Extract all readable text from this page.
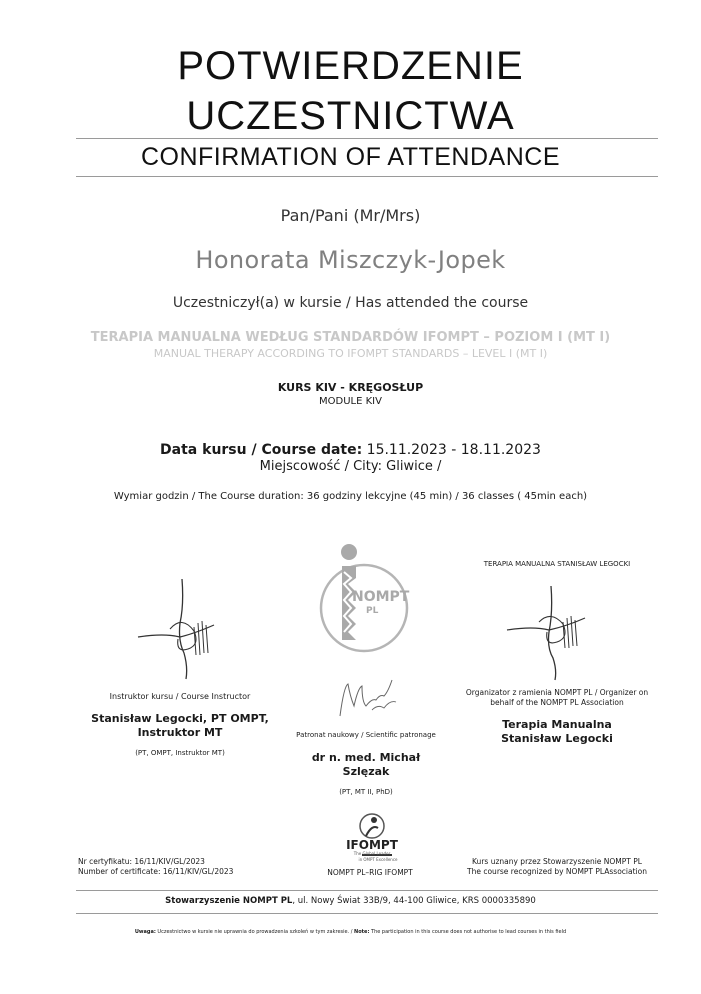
POTWIERDZENIE
UCZESTNICTWA
CONFIRMATION OF ATTENDANCE
Pan/Pani (Mr/Mrs)
Honorata Miszczyk-Jopek
Uczestniczył(a) w kursie / Has attended the course
TERAPIA MANUALNA WEDŁUG STANDARDÓW IFOMPT – POZIOM I (MT I)
MANUAL THERAPY ACCORDING TO IFOMPT STANDARDS – LEVEL I (MT I)
KURS KIV - KRĘGOSŁUP
MODULE KIV
Data kursu / Course date: 15.11.2023 - 18.11.2023
Miejscowość / City: Gliwice /
Wymiar godzin / The Course duration: 36 godziny lekcyjne (45 min) / 36 classes ( 45min each)
NOMPT
PL
Instruktor kursu / Course Instructor
Stanisław Legocki, PT OMPT,
Instruktor MT
(PT, OMPT, Instruktor MT)
Patronat naukowy / Scientific patronage
dr n. med. Michał
Szlęzak
(PT, MT II, PhD)
TERAPIA MANUALNA STANISŁAW LEGOCKI
Organizator z ramienia NOMPT PL / Organizer on
behalf of the NOMPT PL Association
Terapia Manualna
Stanisław Legocki
IFOMPT
The Global Leader
in OMPT Excellence
NOMPT PL–RIG IFOMPT
Nr certyfikatu: 16/11/KIV/GL/2023
Number of certificate: 16/11/KIV/GL/2023
Kurs uznany przez Stowarzyszenie NOMPT PL
The course recognized by NOMPT PLAssociation
Stowarzyszenie NOMPT PL, ul. Nowy Świat 33B/9, 44-100 Gliwice, KRS 0000335890
Uwaga: Uczestnictwo w kursie nie uprawnia do prowadzenia szkoleń w tym zakresie. / Note: The participation in this course does not authorise to lead courses in this field
